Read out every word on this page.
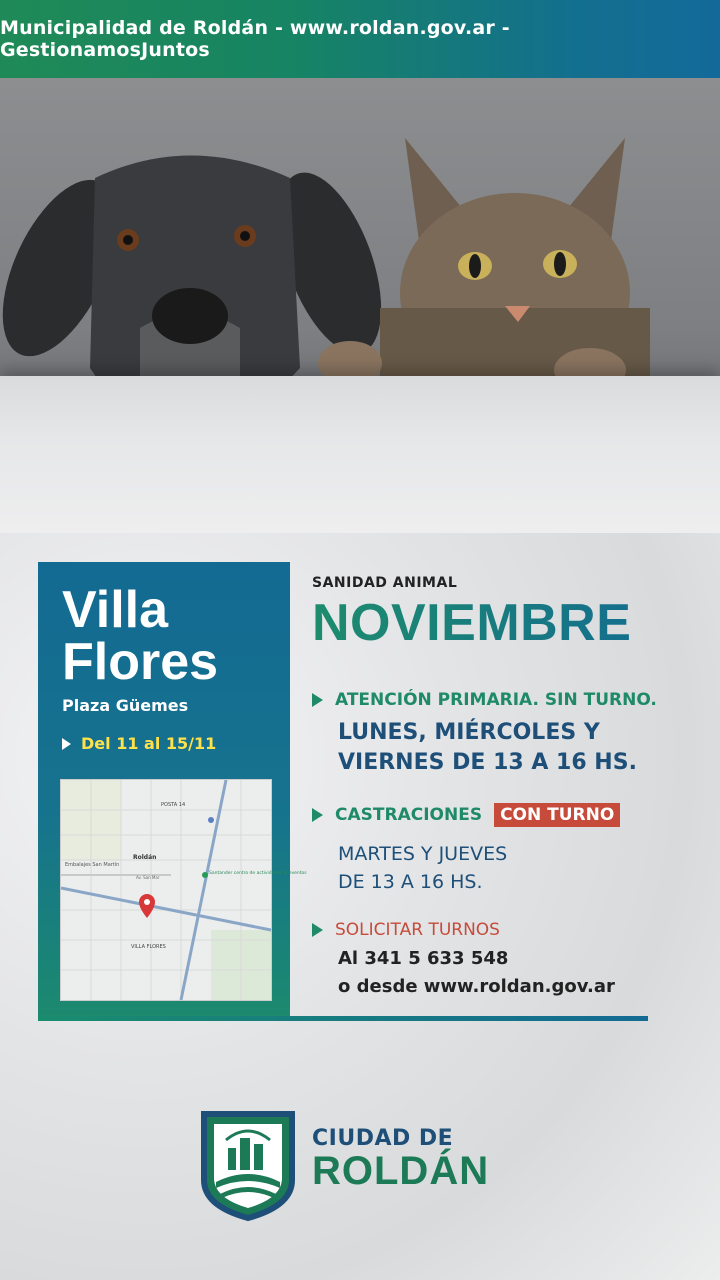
Municipalidad de Roldán - www.roldan.gov.ar - GestionamosJuntos
Villa
Flores
Plaza Güemes
Del 11 al 15/11
POSTA 14
Roldán
Embalajes San Martín
Santander centro de actividades & eventos
Av. San Mar
VILLA FLORES
SANIDAD ANIMAL
NOVIEMBRE
ATENCIÓN PRIMARIA. SIN TURNO.
LUNES, MIÉRCOLES Y
VIERNES DE 13 A 16 HS.
CASTRACIONES	CON TURNO
MARTES Y JUEVES
DE 13 A 16 HS.
SOLICITAR TURNOS
Al 341 5 633 548
o desde www.roldan.gov.ar
CIUDAD DE
ROLDÁN
